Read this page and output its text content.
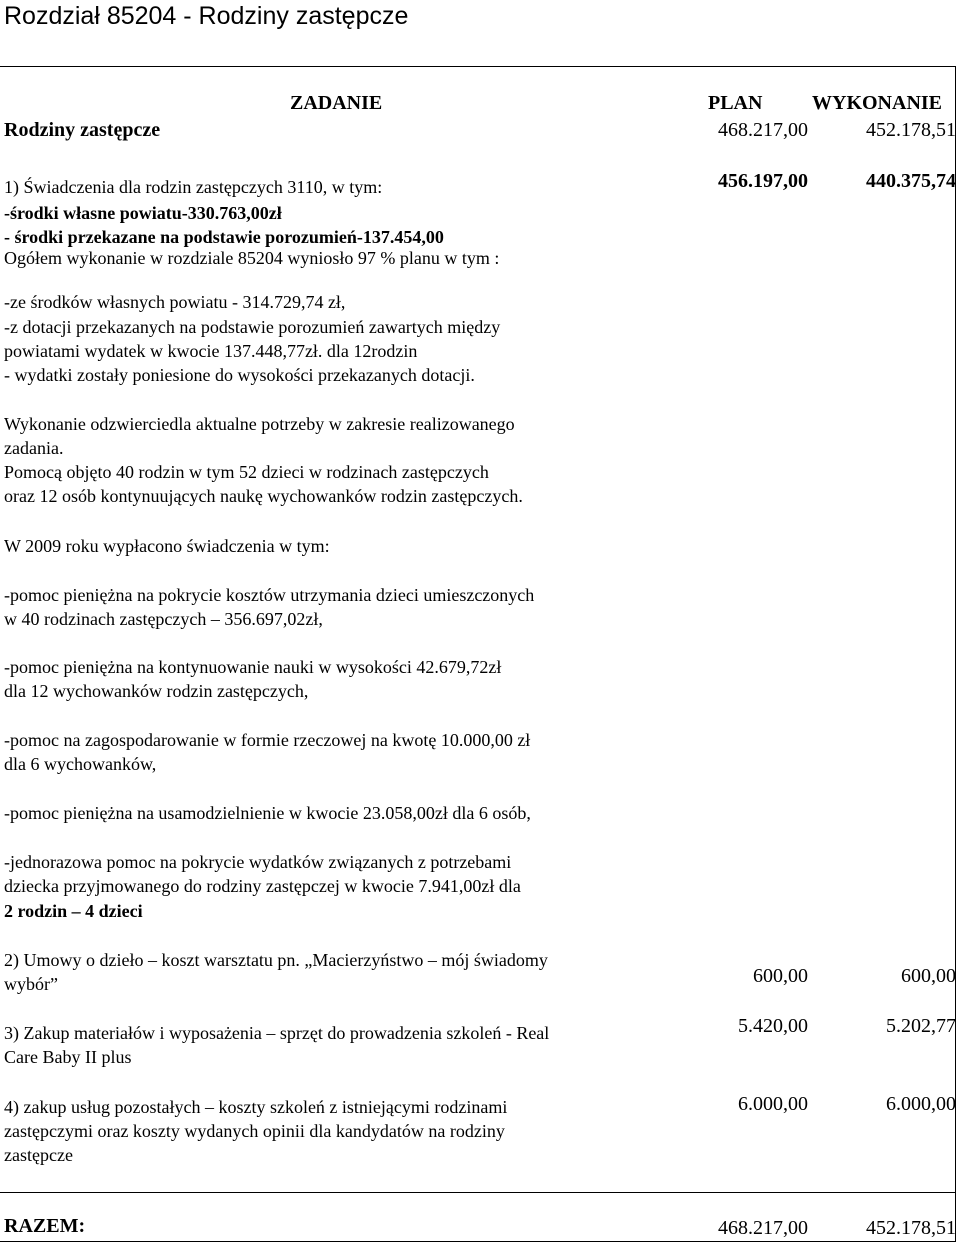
Rozdział 85204 - Rodziny zastępcze
ZADANIE	PLAN WYKONANIE
Rodziny zastępcze	468.217,00	452.178,51
1) Świadczenia dla rodzin zastępczych 3110, w tym:
-środki własne powiatu-330.763,00zł
- środki przekazane na podstawie porozumień-137.454,00
Ogółem wykonanie w rozdziale 85204 wyniosło 97 % planu w tym :
456.197,00	440.375,74
-ze środków własnych powiatu - 314.729,74 zł,
-z dotacji przekazanych na podstawie porozumień zawartych między
powiatami wydatek w kwocie 137.448,77zł. dla 12rodzin
- wydatki zostały poniesione do wysokości przekazanych dotacji.
Wykonanie odzwierciedla aktualne potrzeby w zakresie realizowanego
zadania.
Pomocą objęto 40 rodzin w tym 52 dzieci w rodzinach zastępczych
oraz 12 osób kontynuujących naukę wychowanków rodzin zastępczych.
W 2009 roku wypłacono świadczenia w tym:
-pomoc pieniężna na pokrycie kosztów utrzymania dzieci umieszczonych
w 40 rodzinach zastępczych – 356.697,02zł,
-pomoc pieniężna na kontynuowanie nauki w wysokości 42.679,72zł
dla 12 wychowanków rodzin zastępczych,
-pomoc na zagospodarowanie w formie rzeczowej na kwotę 10.000,00 zł
dla 6 wychowanków,
-pomoc pieniężna na usamodzielnienie w kwocie 23.058,00zł dla 6 osób,
-jednorazowa pomoc na pokrycie wydatków związanych z potrzebami
dziecka przyjmowanego do rodziny zastępczej w kwocie 7.941,00zł dla
2 rodzin – 4 dzieci
2) Umowy o dzieło – koszt warsztatu pn. „Macierzyństwo – mój świadomy
wybór”	600,00	600,00
3) Zakup materiałów i wyposażenia – sprzęt do prowadzenia szkoleń - Real
Care Baby II plus
5.420,00	5.202,77
4) zakup usług pozostałych – koszty szkoleń z istniejącymi rodzinami
zastępczymi oraz koszty wydanych opinii dla kandydatów na rodziny
zastępcze
6.000,00	6.000,00
RAZEM:	468.217,00	452.178,51
